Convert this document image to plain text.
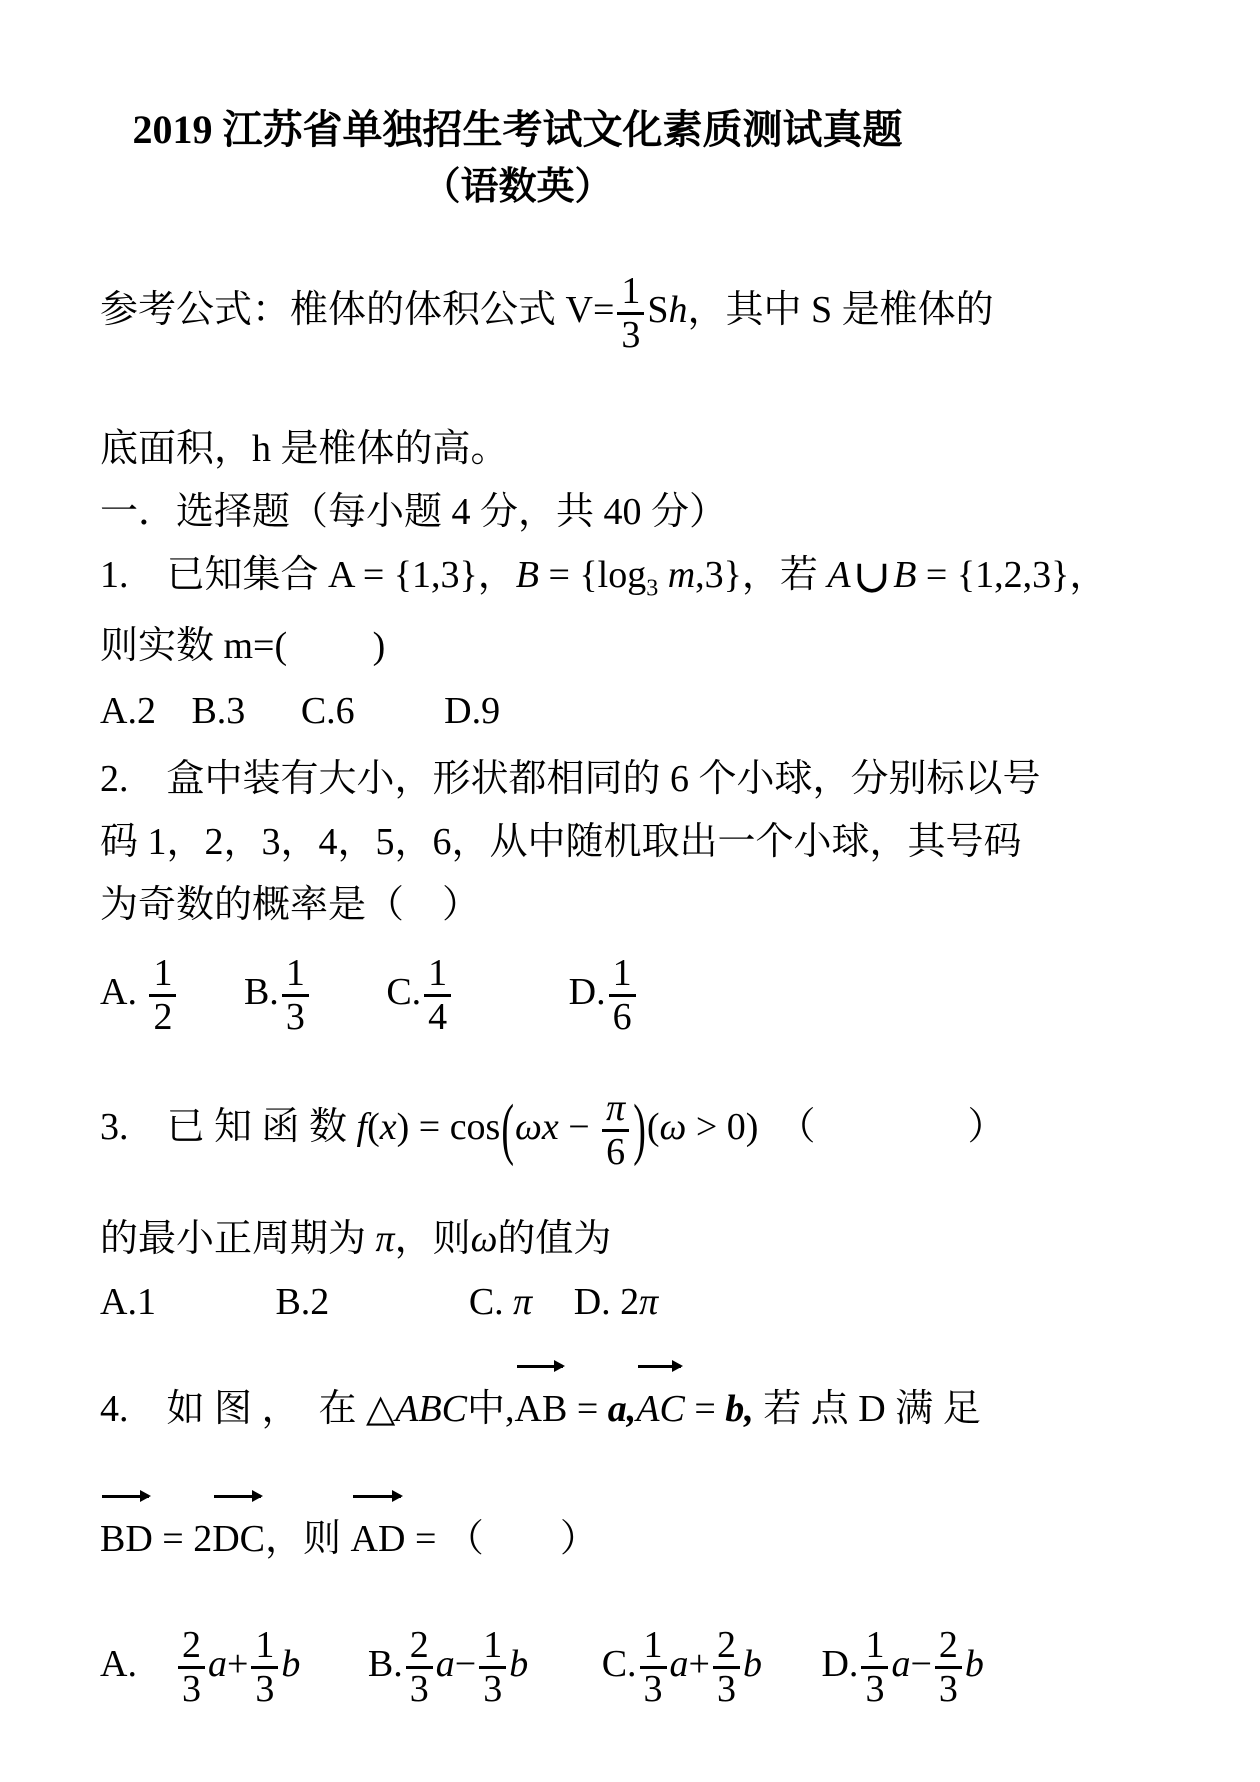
2019 江苏省单独招生考试文化素质测试真题
（语数英）
参考公式：椎体的体积公式 $V= \frac{1}{3}$ Sh，其中 S 是椎体的
底面积，h 是椎体的高。
一．选择题（每小题 4 分，共 40 分）
1.　已知集合 A = {1,3}，$B = \{\log_3$ m,3}，若 A∪B = {1,2,3}，
则实数 m=(　　 )
A.2 B.3 C.6 D.9
2.　盒中装有大小，形状都相同的 6 个小球，分别标以号
码 1，2，3，4，5，6，从中随机取出一个小球，其号码
为奇数的概率是（　）
A. $\frac{1}{2} B$. $\frac{1}{3} C$. $\frac{1}{4}$	D. $\frac{1}{6}$
3.　已 知 函 数 $f(x) = \cos(\omega x - \frac{\pi}{6} )(\omega > 0)$　（　　　　）
的最小正周期为 π，则ω的值为
A.1	B.2	C. π D. 2π
4.　如 图 ，　在 △ABC中,
AB = a,
AC = b, 若 点 D 满 足
BD = 2
DC，则
AD = （　　）
A.　 $\frac{2}{3} a+ \frac{1}{3}$ b B. $\frac{2}{3} a- \frac{1}{3}$ b C. $\frac{1}{3} a+ \frac{2}{3}$ b D. $\frac{1}{3} a- \frac{2}{3}$ b
